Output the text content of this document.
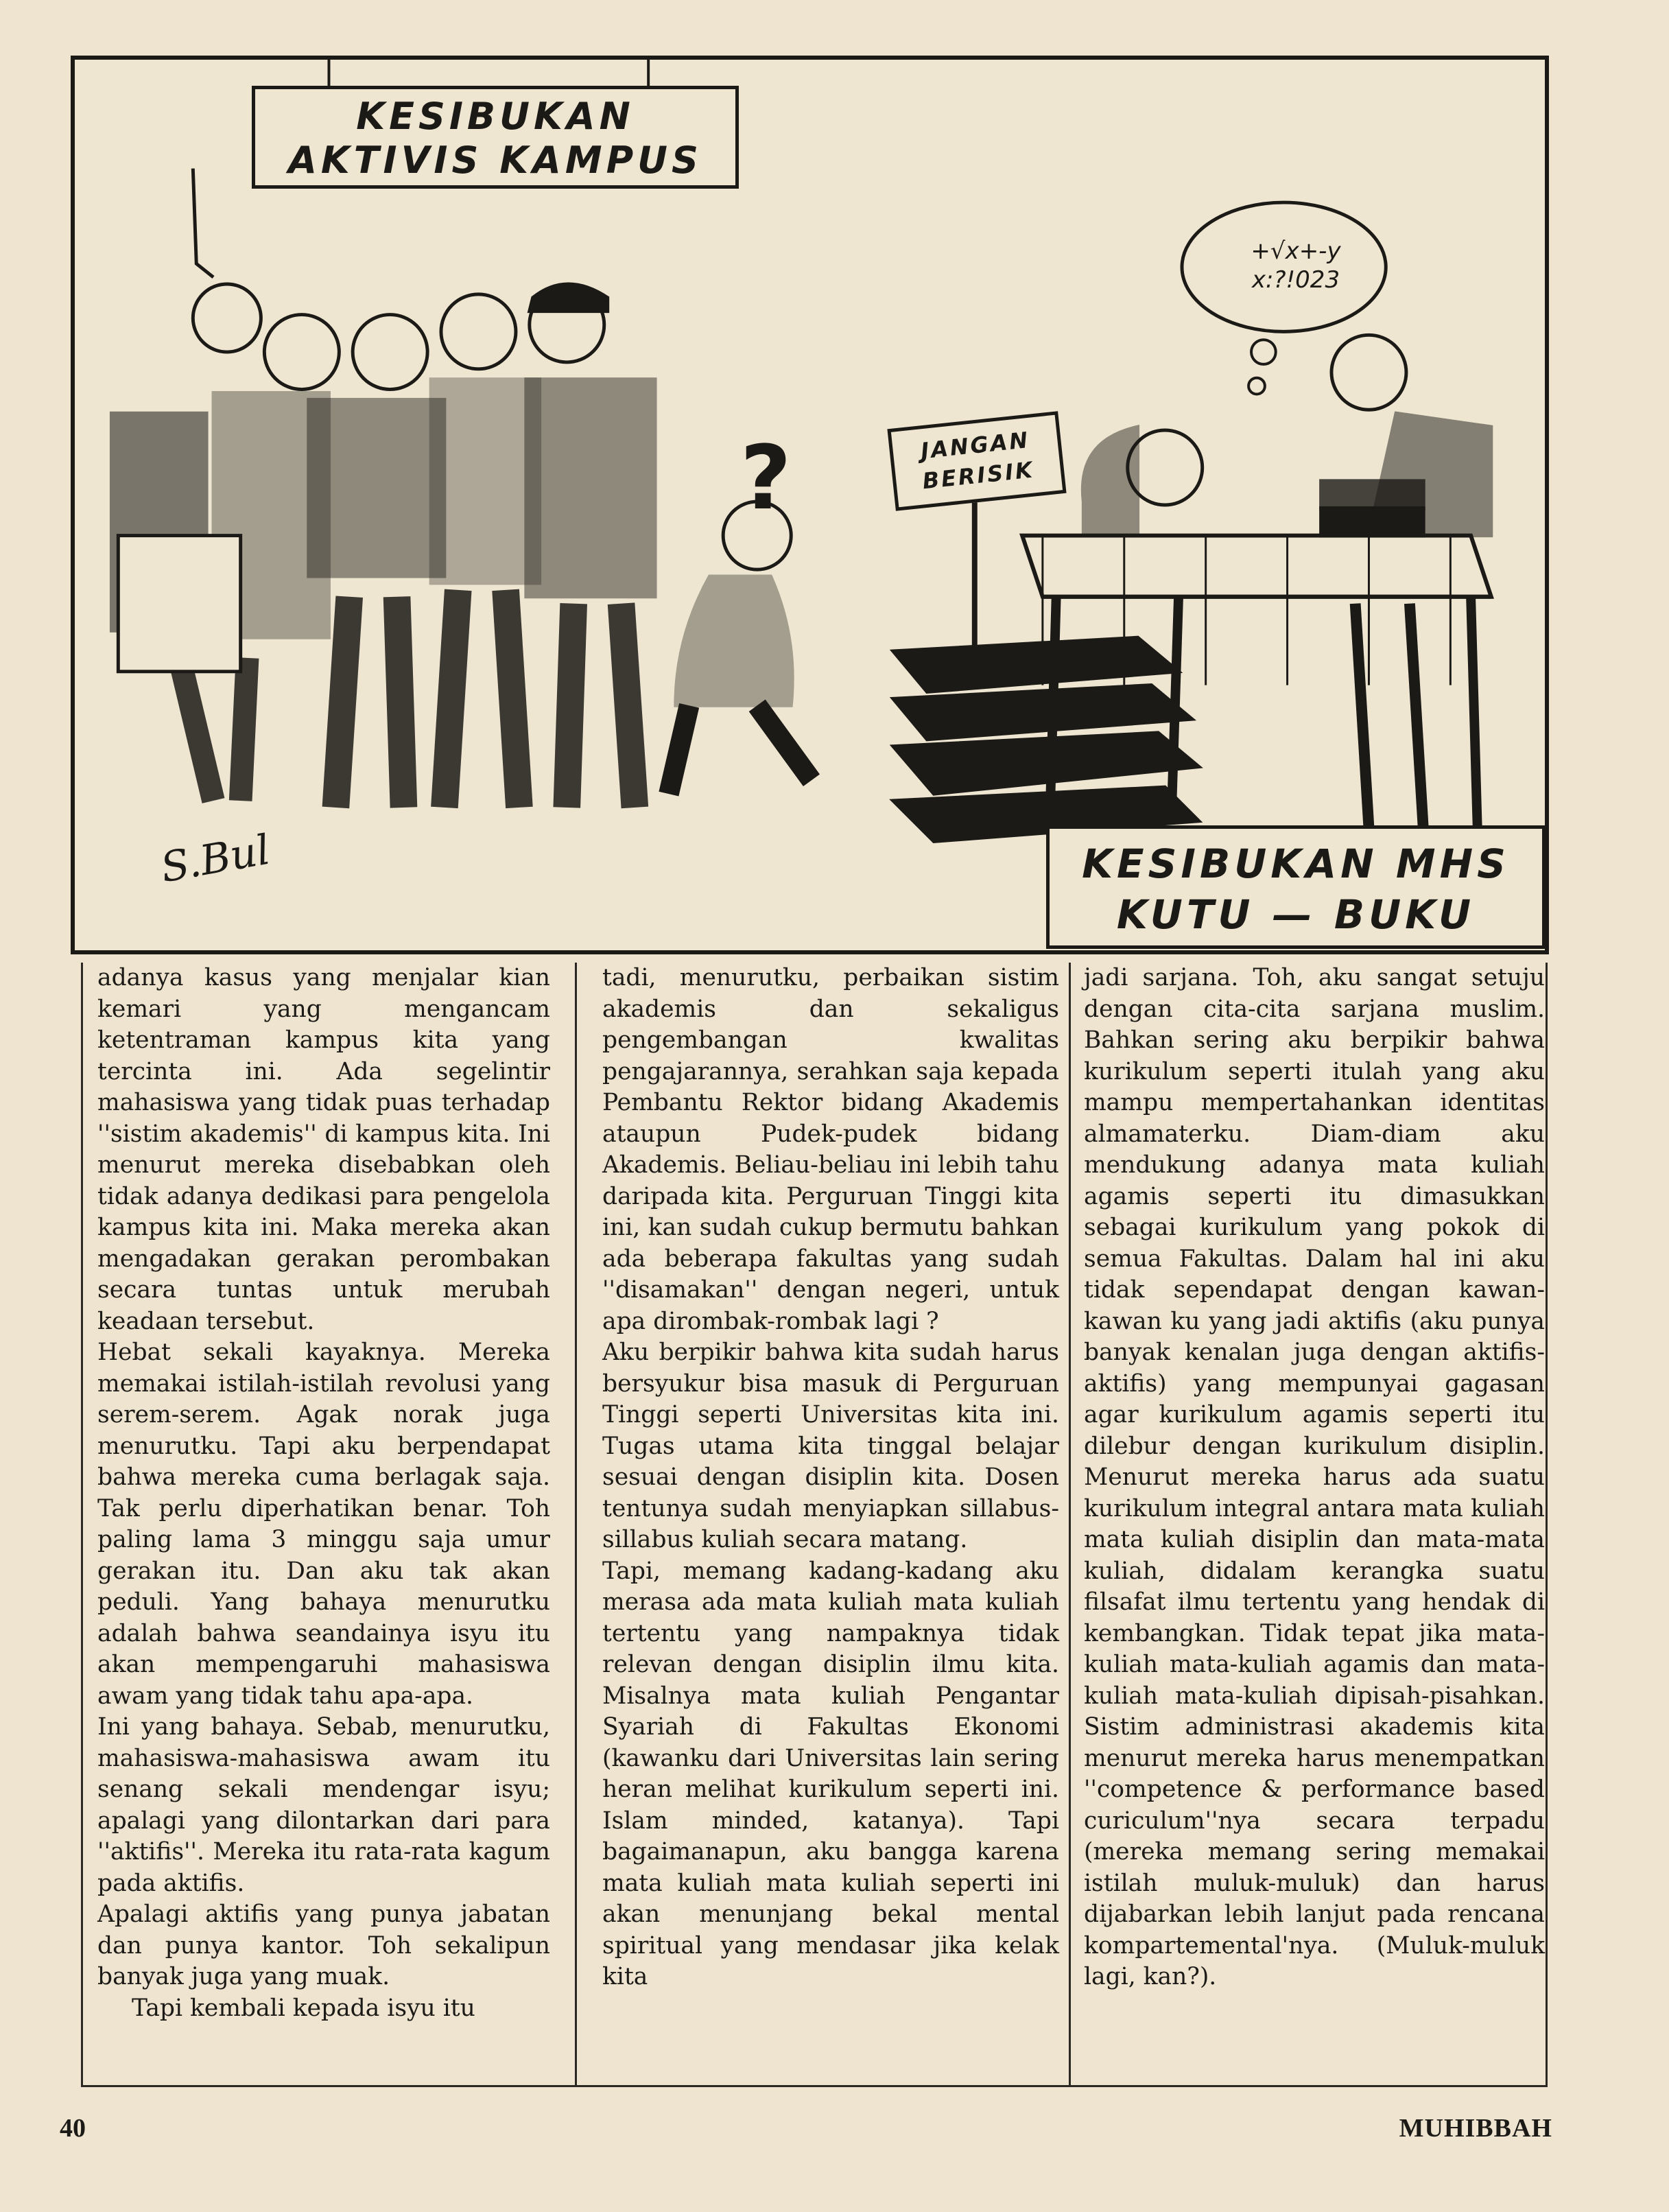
?
KESIBUKAN
AKTIVIS KAMPUS
JANGAN
BERISIK
+√x+-y
x:?!023
KESIBUKAN MHS
KUTU — BUKU
S.Bul

adanya kasus yang menjalar kian kemari yang mengancam ketentraman kampus kita yang tercinta ini. Ada segelintir mahasiswa yang tidak puas terhadap ''sistim akademis'' di kampus kita. Ini menurut mereka disebabkan oleh tidak adanya dedikasi para pengelola kampus kita ini. Maka mereka akan mengadakan gerakan perombakan secara tuntas untuk merubah keadaan tersebut.

Hebat sekali kayaknya. Mereka memakai istilah-istilah revolusi yang serem-serem. Agak norak juga menurutku. Tapi aku berpendapat bahwa mereka cuma berlagak saja. Tak perlu diperhatikan benar. Toh paling lama 3 minggu saja umur gerakan itu. Dan aku tak akan peduli. Yang bahaya menurutku adalah bahwa seandainya isyu itu akan mempengaruhi mahasiswa awam yang tidak tahu apa-apa.

Ini yang bahaya. Sebab, menurutku, mahasiswa-mahasiswa awam itu senang sekali mendengar isyu; apalagi yang dilontarkan dari para ''aktifis''. Mereka itu rata-rata kagum pada aktifis.

Apalagi aktifis yang punya jabatan dan punya kantor. Toh sekalipun banyak juga yang muak.

Tapi kembali kepada isyu itu

tadi, menurutku, perbaikan sistim akademis dan sekaligus pengembangan kwalitas pengajarannya, serahkan saja kepada Pembantu Rektor bidang Akademis ataupun Pudek-pudek bidang Akademis. Beliau-beliau ini lebih tahu daripada kita. Perguruan Tinggi kita ini, kan sudah cukup bermutu bahkan ada beberapa fakultas yang sudah ''disamakan'' dengan negeri, untuk apa dirombak-rombak lagi ?

Aku berpikir bahwa kita sudah harus bersyukur bisa masuk di Perguruan Tinggi seperti Universitas kita ini. Tugas utama kita tinggal belajar sesuai dengan disiplin kita. Dosen tentunya sudah menyiapkan sillabus-sillabus kuliah secara matang.

Tapi, memang kadang-kadang aku merasa ada mata kuliah mata kuliah tertentu yang nampaknya tidak relevan dengan disiplin ilmu kita. Misalnya mata kuliah Pengantar Syariah di Fakultas Ekonomi (kawanku dari Universitas lain sering heran melihat kurikulum seperti ini. Islam minded, katanya). Tapi bagaimanapun, aku bangga karena mata kuliah mata kuliah seperti ini akan menunjang bekal mental spiritual yang mendasar jika kelak kita

jadi sarjana. Toh, aku sangat setuju dengan cita-cita sarjana muslim. Bahkan sering aku berpikir bahwa kurikulum seperti itulah yang aku mampu mempertahankan identitas almamaterku. Diam-diam aku mendukung adanya mata kuliah agamis seperti itu dimasukkan sebagai kurikulum yang pokok di semua Fakultas. Dalam hal ini aku tidak sependapat dengan kawan-kawan ku yang jadi aktifis (aku punya banyak kenalan juga dengan aktifis-aktifis) yang mempunyai gagasan agar kurikulum agamis seperti itu dilebur dengan kurikulum disiplin. Menurut mereka harus ada suatu kurikulum integral antara mata kuliah mata kuliah disiplin dan mata-mata kuliah, didalam kerangka suatu filsafat ilmu tertentu yang hendak di kembangkan. Tidak tepat jika mata-kuliah mata-kuliah agamis dan mata-kuliah mata-kuliah dipisah-pisahkan. Sistim administrasi akademis kita menurut mereka harus menempatkan ''competence & performance based curiculum''nya secara terpadu (mereka memang sering memakai istilah muluk-muluk) dan harus dijabarkan lebih lanjut pada rencana kompartemental'nya. (Muluk-muluk lagi, kan?).

40	MUHIBBAH
